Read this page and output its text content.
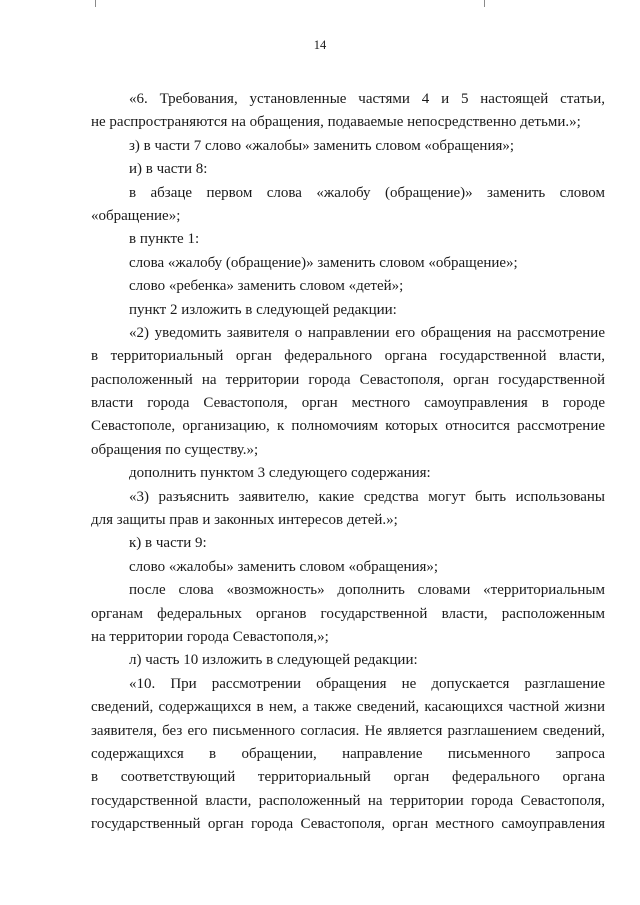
14
«6. Требования, установленные частями 4 и 5 настоящей статьи,
не распространяются на обращения, подаваемые непосредственно детьми.»;
з) в части 7 слово «жалобы» заменить словом «обращения»;
и) в части 8:
в абзаце первом слова «жалобу (обращение)» заменить словом
«обращение»;
в пункте 1:
слова «жалобу (обращение)» заменить словом «обращение»;
слово «ребенка» заменить словом «детей»;
пункт 2 изложить в следующей редакции:
«2) уведомить заявителя о направлении его обращения на рассмотрение
в территориальный орган федерального органа государственной власти,
расположенный на территории города Севастополя, орган государственной
власти города Севастополя, орган местного самоуправления в городе
Севастополе, организацию, к полномочиям которых относится рассмотрение
обращения по существу.»;
дополнить пунктом 3 следующего содержания:
«3) разъяснить заявителю, какие средства могут быть использованы
для защиты прав и законных интересов детей.»;
к) в части 9:
слово «жалобы» заменить словом «обращения»;
после слова «возможность» дополнить словами «территориальным
органам федеральных органов государственной власти, расположенным
на территории города Севастополя,»;
л) часть 10 изложить в следующей редакции:
«10. При рассмотрении обращения не допускается разглашение
сведений, содержащихся в нем, а также сведений, касающихся частной жизни
заявителя, без его письменного согласия. Не является разглашением сведений,
содержащихся в обращении, направление письменного запроса
в соответствующий территориальный орган федерального органа
государственной власти, расположенный на территории города Севастополя,
государственный орган города Севастополя, орган местного самоуправления
